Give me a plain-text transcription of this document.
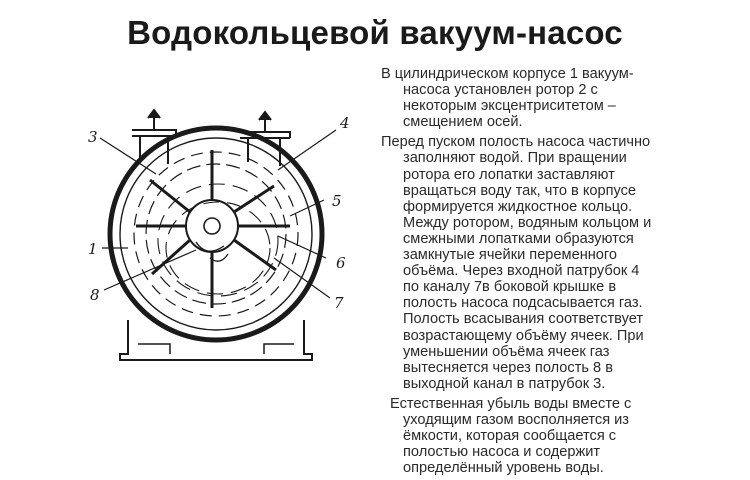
Водокольцевой вакуум-насос
3
4
5
6
7
1
8

В цилиндрическом корпусе 1 вакуум-
насоса установлен ротор 2 с
некоторым эксцентриситетом –
смещением осей.

Перед пуском полость насоса частично
заполняют водой. При вращении
ротора его лопатки заставляют
вращаться воду так, что в корпусе
формируется жидкостное кольцо.
Между ротором, водяным кольцом и
смежными лопатками образуются
замкнутые ячейки переменного
объёма. Через входной патрубок 4
по каналу 7в боковой крышке в
полость насоса подсасывается газ.
Полость всасывания соответствует
возрастающему объёму ячеек. При
уменьшении объёма ячеек газ
вытесняется через полость 8 в
выходной канал в патрубок 3.

Естественная убыль воды вместе с
уходящим газом восполняется из
ёмкости, которая сообщается с
полостью насоса и содержит
определённый уровень воды.
